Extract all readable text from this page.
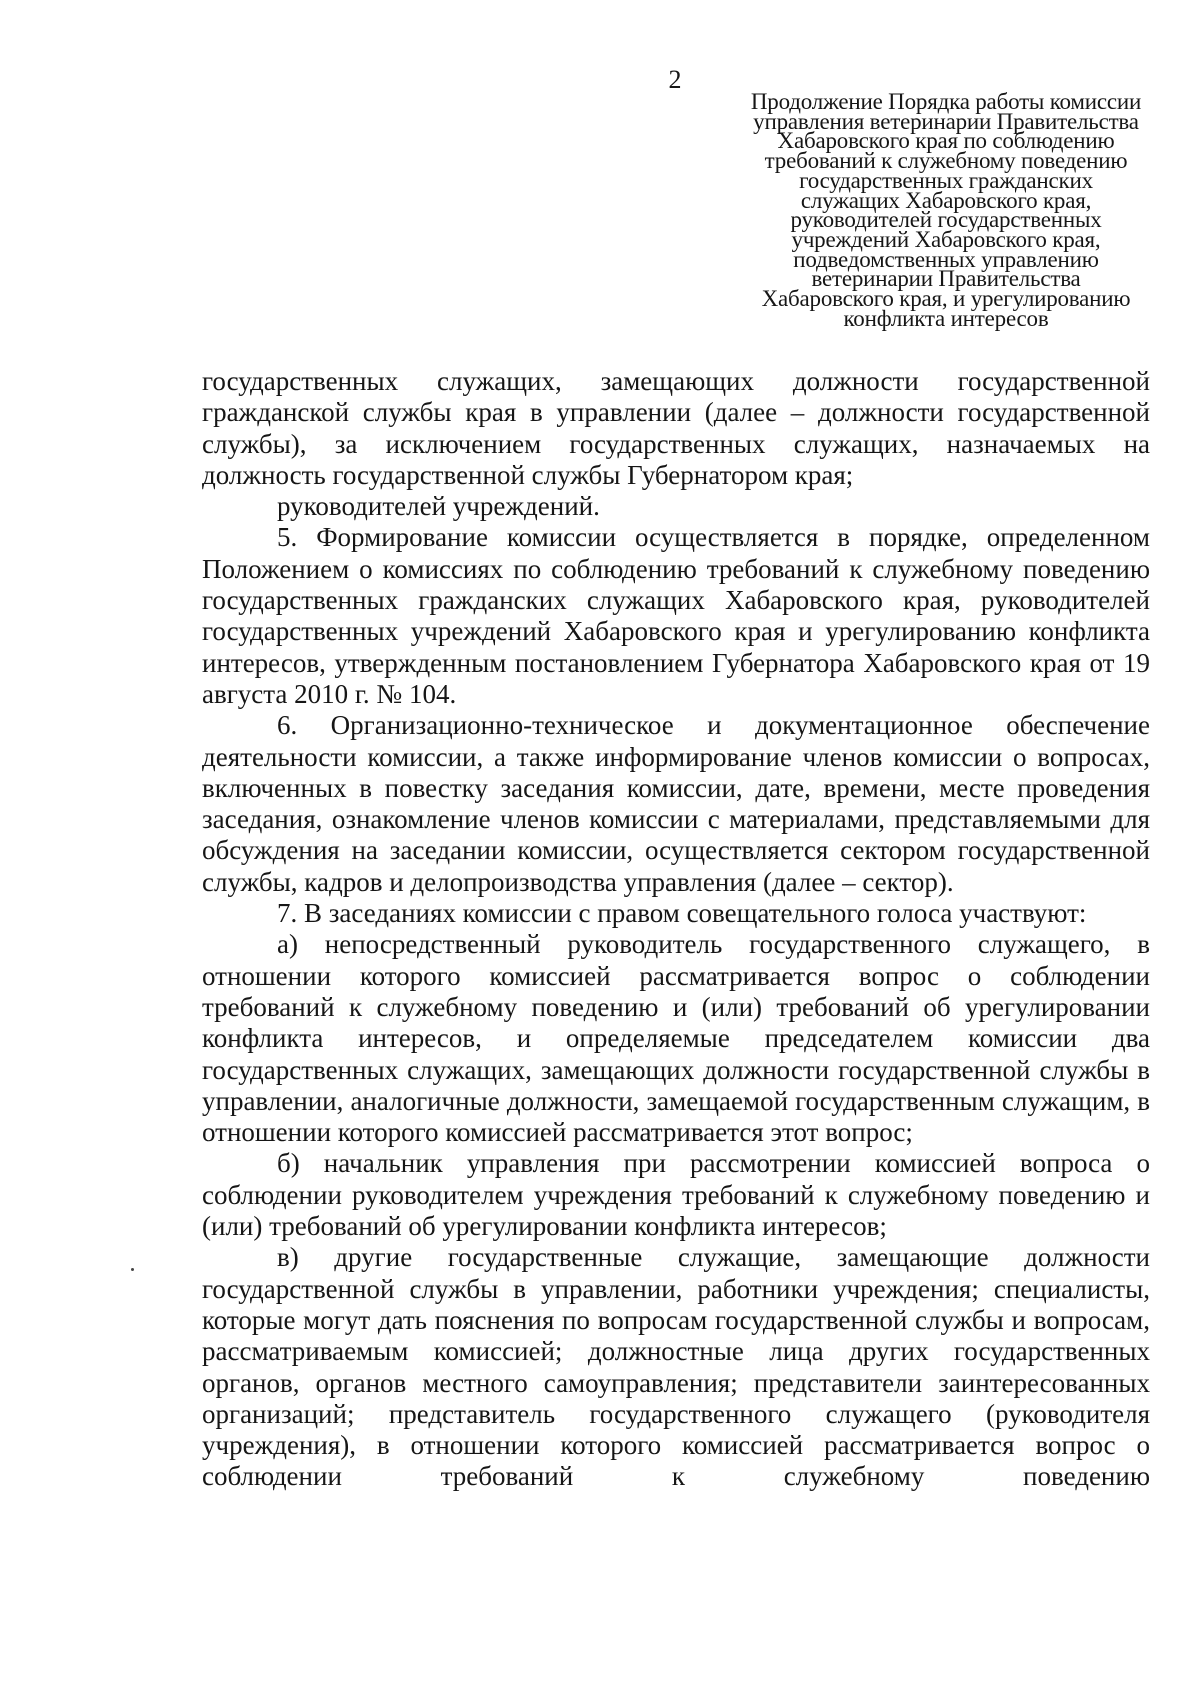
2
Продолжение Порядка работы комиссии
управления ветеринарии Правительства
Хабаровского края по соблюдению
требований к служебному поведению
государственных гражданских
служащих Хабаровского края,
руководителей государственных
учреждений Хабаровского края,
подведомственных управлению
ветеринарии Правительства
Хабаровского края, и урегулированию
конфликта интересов

государственных служащих, замещающих должности государственной гражданской службы края в управлении (далее – должности государственной службы), за исключением государственных служащих, назначаемых на должность государственной службы Губернатором края;

руководителей учреждений.

5. Формирование комиссии осуществляется в порядке, определенном Положением о комиссиях по соблюдению требований к служебному поведению государственных гражданских служащих Хабаровского края, руководителей государственных учреждений Хабаровского края и урегулированию конфликта интересов, утвержденным постановлением Губернатора Хабаровского края от 19 августа 2010 г. № 104.

6. Организационно-техническое и документационное обеспечение деятельности комиссии, а также информирование членов комиссии о вопросах, включенных в повестку заседания комиссии, дате, времени, месте проведения заседания, ознакомление членов комиссии с материалами, представляемыми для обсуждения на заседании комиссии, осуществляется сектором государственной службы, кадров и делопроизводства управления (далее – сектор).

7. В заседаниях комиссии с правом совещательного голоса участвуют:

а) непосредственный руководитель государственного служащего, в отношении которого комиссией рассматривается вопрос о соблюдении требований к служебному поведению и (или) требований об урегулировании конфликта интересов, и определяемые председателем комиссии два государственных служащих, замещающих должности государственной службы в управлении, аналогичные должности, замещаемой государственным служащим, в отношении которого комиссией рассматривается этот вопрос;

б) начальник управления при рассмотрении комиссией вопроса о соблюдении руководителем учреждения требований к служебному поведению и (или) требований об урегулировании конфликта интересов;

в) другие государственные служащие, замещающие должности государственной службы в управлении, работники учреждения; специалисты, которые могут дать пояснения по вопросам государственной службы и вопросам, рассматриваемым комиссией; должностные лица других государственных органов, органов местного самоуправления; представители заинтересованных организаций; представитель государственного служащего (руководителя учреждения), в отношении которого комиссией рассматривается вопрос о соблюдении требований к служебному поведению
